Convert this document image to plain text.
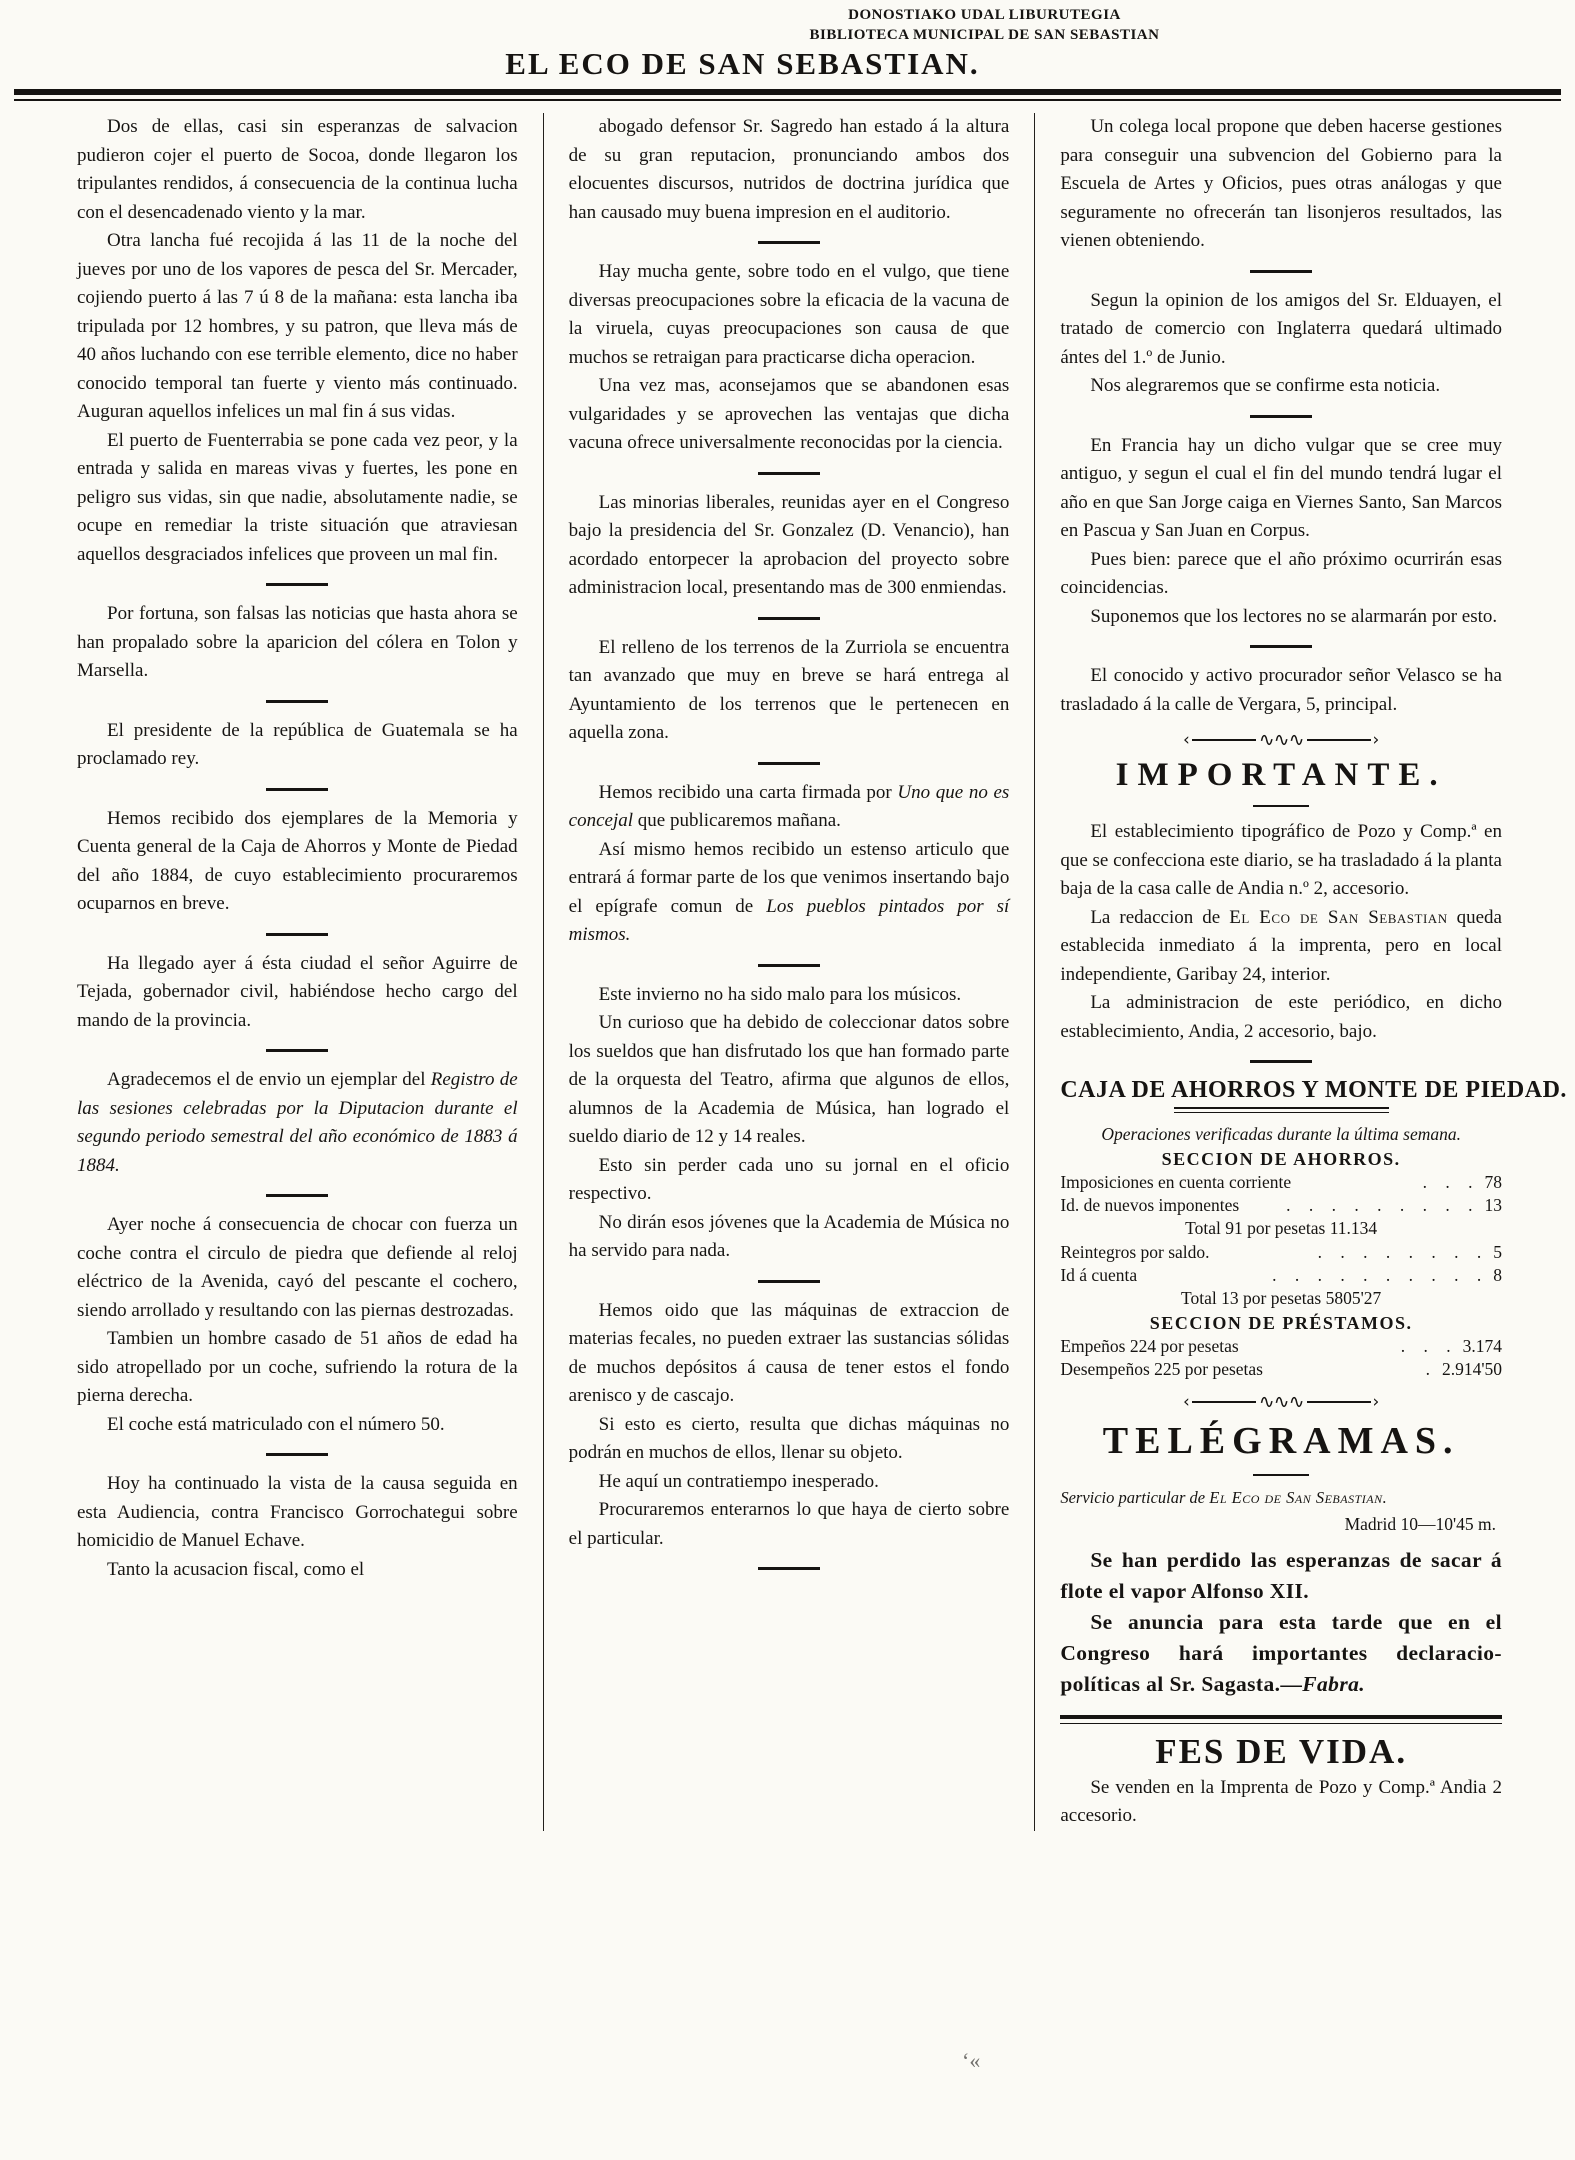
DONOSTIAKO UDAL LIBURUTEGIA
BIBLIOTECA MUNICIPAL DE SAN SEBASTIAN
EL ECO DE SAN SEBASTIAN.

Dos de ellas, casi sin esperanzas de salvacion pudieron cojer el puerto de Socoa, donde llegaron los tripulantes rendidos, á consecuencia de la continua lucha con el desencadenado viento y la mar.

Otra lancha fué recojida á las 11 de la noche del jueves por uno de los vapores de pesca del Sr. Mercader, cojiendo puerto á las 7 ú 8 de la mañana: esta lancha iba tripulada por 12 hombres, y su patron, que lleva más de 40 años luchando con ese terrible elemento, dice no haber conocido temporal tan fuerte y viento más continuado. Auguran aquellos infelices un mal fin á sus vidas.

El puerto de Fuenterrabia se pone cada vez peor, y la entrada y salida en mareas vivas y fuertes, les pone en peligro sus vidas, sin que nadie, absolutamente nadie, se ocupe en remediar la triste situación que atraviesan aquellos desgraciados infelices que proveen un mal fin.

Por fortuna, son falsas las noticias que hasta ahora se han propalado sobre la aparicion del cólera en Tolon y Marsella.

El presidente de la república de Guatemala se ha proclamado rey.

Hemos recibido dos ejemplares de la Memoria y Cuenta general de la Caja de Ahorros y Monte de Piedad del año 1884, de cuyo establecimiento procuraremos ocuparnos en breve.

Ha llegado ayer á ésta ciudad el señor Aguirre de Tejada, gobernador civil, habiéndose hecho cargo del mando de la provincia.

Agradecemos el de envio un ejemplar del Registro de las sesiones celebradas por la Diputacion durante el segundo periodo semestral del año económico de 1883 á 1884.

Ayer noche á consecuencia de chocar con fuerza un coche contra el circulo de piedra que defiende al reloj eléctrico de la Avenida, cayó del pescante el cochero, siendo arrollado y resultando con las piernas destrozadas.

Tambien un hombre casado de 51 años de edad ha sido atropellado por un coche, sufriendo la rotura de la pierna derecha.

El coche está matriculado con el número 50.

Hoy ha continuado la vista de la causa seguida en esta Audiencia, contra Francisco Gorrochategui sobre homicidio de Manuel Echave.

Tanto la acusacion fiscal, como el

abogado defensor Sr. Sagredo han estado á la altura de su gran reputacion, pronunciando ambos dos elocuentes discursos, nutridos de doctrina jurídica que han causado muy buena impresion en el auditorio.

Hay mucha gente, sobre todo en el vulgo, que tiene diversas preocupaciones sobre la eficacia de la vacuna de la viruela, cuyas preocupaciones son causa de que muchos se retraigan para practicarse dicha operacion.

Una vez mas, aconsejamos que se abandonen esas vulgaridades y se aprovechen las ventajas que dicha vacuna ofrece universalmente reconocidas por la ciencia.

Las minorias liberales, reunidas ayer en el Congreso bajo la presidencia del Sr. Gonzalez (D. Venancio), han acordado entorpecer la aprobacion del proyecto sobre administracion local, presentando mas de 300 enmiendas.

El relleno de los terrenos de la Zurriola se encuentra tan avanzado que muy en breve se hará entrega al Ayuntamiento de los terrenos que le pertenecen en aquella zona.

Hemos recibido una carta firmada por Uno que no es concejal que publicaremos mañana.

Así mismo hemos recibido un estenso articulo que entrará á formar parte de los que venimos insertando bajo el epígrafe comun de Los pueblos pintados por sí mismos.

Este invierno no ha sido malo para los músicos.

Un curioso que ha debido de coleccionar datos sobre los sueldos que han disfrutado los que han formado parte de la orquesta del Teatro, afirma que algunos de ellos, alumnos de la Academia de Música, han logrado el sueldo diario de 12 y 14 reales.

Esto sin perder cada uno su jornal en el oficio respectivo.

No dirán esos jóvenes que la Academia de Música no ha servido para nada.

Hemos oido que las máquinas de extraccion de materias fecales, no pueden extraer las sustancias sólidas de muchos depósitos á causa de tener estos el fondo arenisco y de cascajo.

Si esto es cierto, resulta que dichas máquinas no podrán en muchos de ellos, llenar su objeto.

He aquí un contratiempo inesperado.

Procuraremos enterarnos lo que haya de cierto sobre el particular.

Un colega local propone que deben hacerse gestiones para conseguir una subvencion del Gobierno para la Escuela de Artes y Oficios, pues otras análogas y que seguramente no ofrecerán tan lisonjeros resultados, las vienen obteniendo.

Segun la opinion de los amigos del Sr. Elduayen, el tratado de comercio con Inglaterra quedará ultimado ántes del 1.º de Junio.

Nos alegraremos que se confirme esta noticia.

En Francia hay un dicho vulgar que se cree muy antiguo, y segun el cual el fin del mundo tendrá lugar el año en que San Jorge caiga en Viernes Santo, San Marcos en Pascua y San Juan en Corpus.

Pues bien: parece que el año próximo ocurrirán esas coincidencias.

Suponemos que los lectores no se alarmarán por esto.

El conocido y activo procurador señor Velasco se ha trasladado á la calle de Vergara, 5, principal.

‹	∿∿∿	›
IMPORTANTE.

El establecimiento tipográfico de Pozo y Comp.ª en que se confecciona este diario, se ha trasladado á la planta baja de la casa calle de Andia n.º 2, accesorio.

La redaccion de El Eco de San Sebastian queda establecida inmediato á la imprenta, pero en local independiente, Garibay 24, interior.

La administracion de este periódico, en dicho establecimiento, Andia, 2 accesorio, bajo.

CAJA DE AHORROS Y MONTE DE PIEDAD.
Operaciones verificadas durante la última semana.
SECCION DE AHORROS.
Imposiciones en cuenta corriente	. . . 78
Id. de nuevos imponentes	. . . . . . . . . 13
Total 91 por pesetas 11.134
Reintegros por saldo.	. . . . . . . . 5
Id á cuenta	. . . . . . . . . . 8
Total 13 por pesetas 5805'27
SECCION DE PRÉSTAMOS.
Empeños 224 por pesetas	. . . 3.174
Desempeños 225 por pesetas	. 2.914'50
‹	∿∿∿	›
TELÉGRAMAS.
Servicio particular de El Eco de San Sebastian.
Madrid 10—10'45 m.

Se han perdido las esperanzas de sacar á flote el vapor Alfonso XII.

Se anuncia para esta tarde que en el Congreso hará importantes declaracio- políticas al Sr. Sagasta.—Fabra.

FES DE VIDA.

Se venden en la Imprenta de Pozo y Comp.ª Andia 2 accesorio.

‘«
